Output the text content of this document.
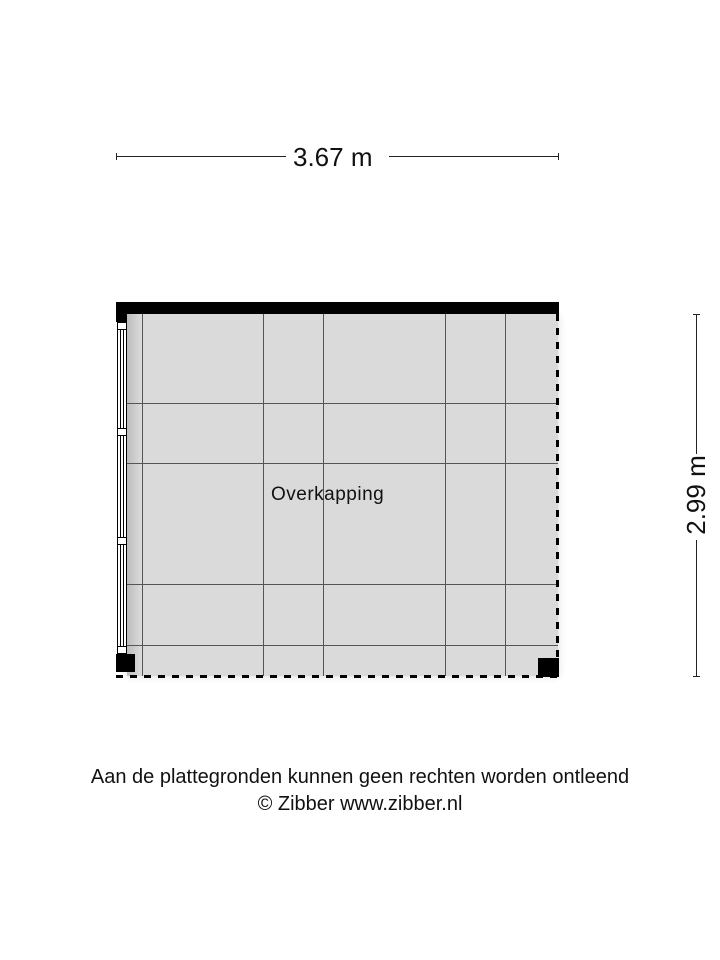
3.67 m
2.99 m
Overkapping
Aan de plattegronden kunnen geen rechten worden ontleend
© Zibber www.zibber.nl
